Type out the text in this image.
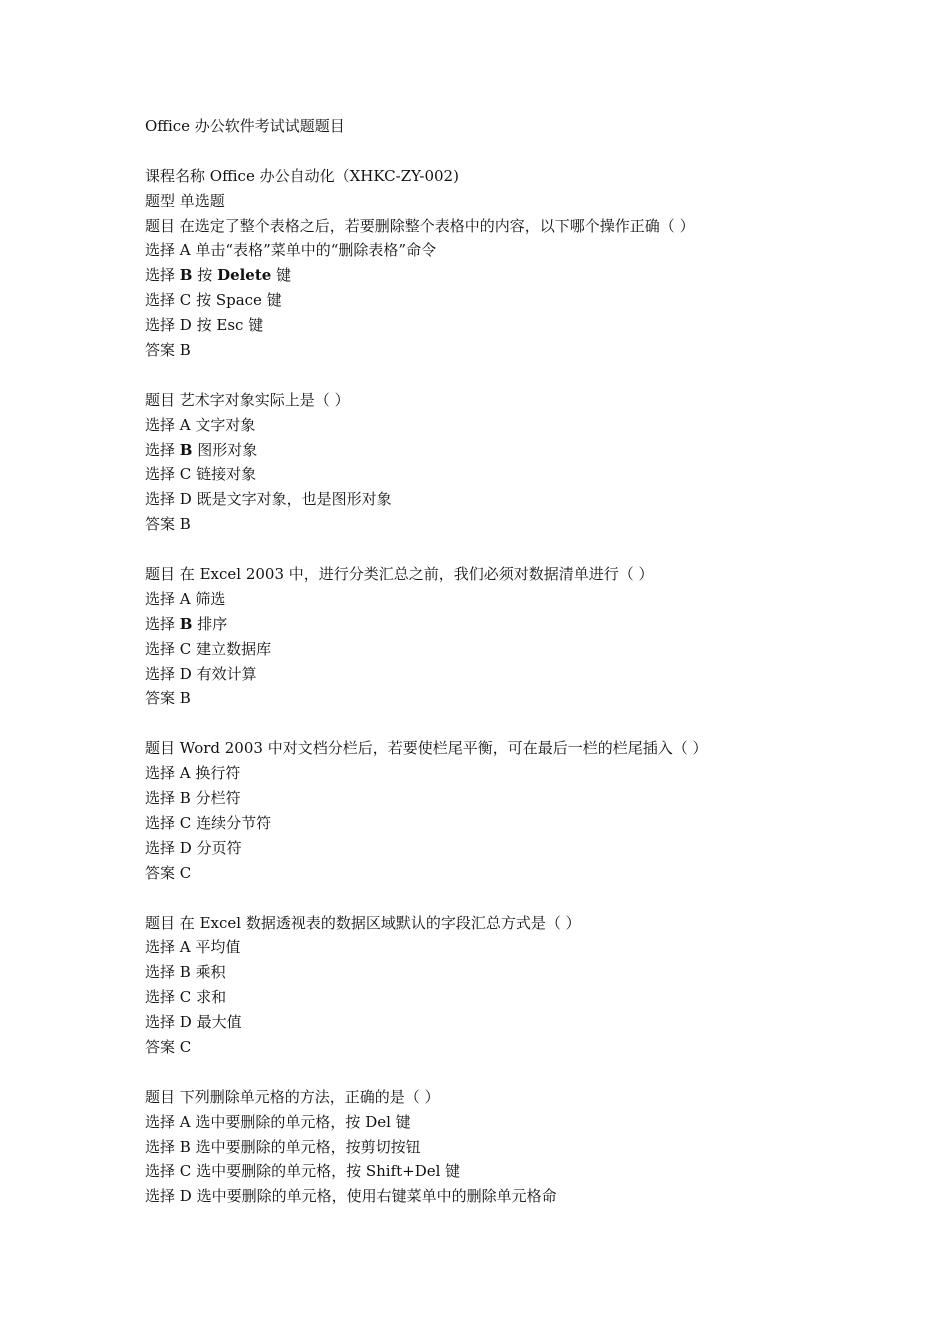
Office 办公软件考试试题题目
课程名称 Office 办公自动化（XHKC-ZY-002)
题型 单选题
题目 在选定了整个表格之后，若要删除整个表格中的内容，以下哪个操作正确（ ）
选择 A 单击“表格”菜单中的“删除表格”命令
选择 B 按 Delete 键
选择 C 按 Space 键
选择 D 按 Esc 键
答案 B
题目 艺术字对象实际上是（ ）
选择 A 文字对象
选择 B 图形对象
选择 C 链接对象
选择 D 既是文字对象，也是图形对象
答案 B
题目 在 Excel 2003 中，进行分类汇总之前，我们必须对数据清单进行（ ）
选择 A 筛选
选择 B 排序
选择 C 建立数据库
选择 D 有效计算
答案 B
题目 Word 2003 中对文档分栏后，若要使栏尾平衡，可在最后一栏的栏尾插入（ ）
选择 A 换行符
选择 B 分栏符
选择 C 连续分节符
选择 D 分页符
答案 C
题目 在 Excel 数据透视表的数据区域默认的字段汇总方式是（ ）
选择 A 平均值
选择 B 乘积
选择 C 求和
选择 D 最大值
答案 C
题目 下列删除单元格的方法，正确的是（ ）
选择 A 选中要删除的单元格，按 Del 键
选择 B 选中要删除的单元格，按剪切按钮
选择 C 选中要删除的单元格，按 Shift+Del 键
选择 D 选中要删除的单元格，使用右键菜单中的删除单元格命
